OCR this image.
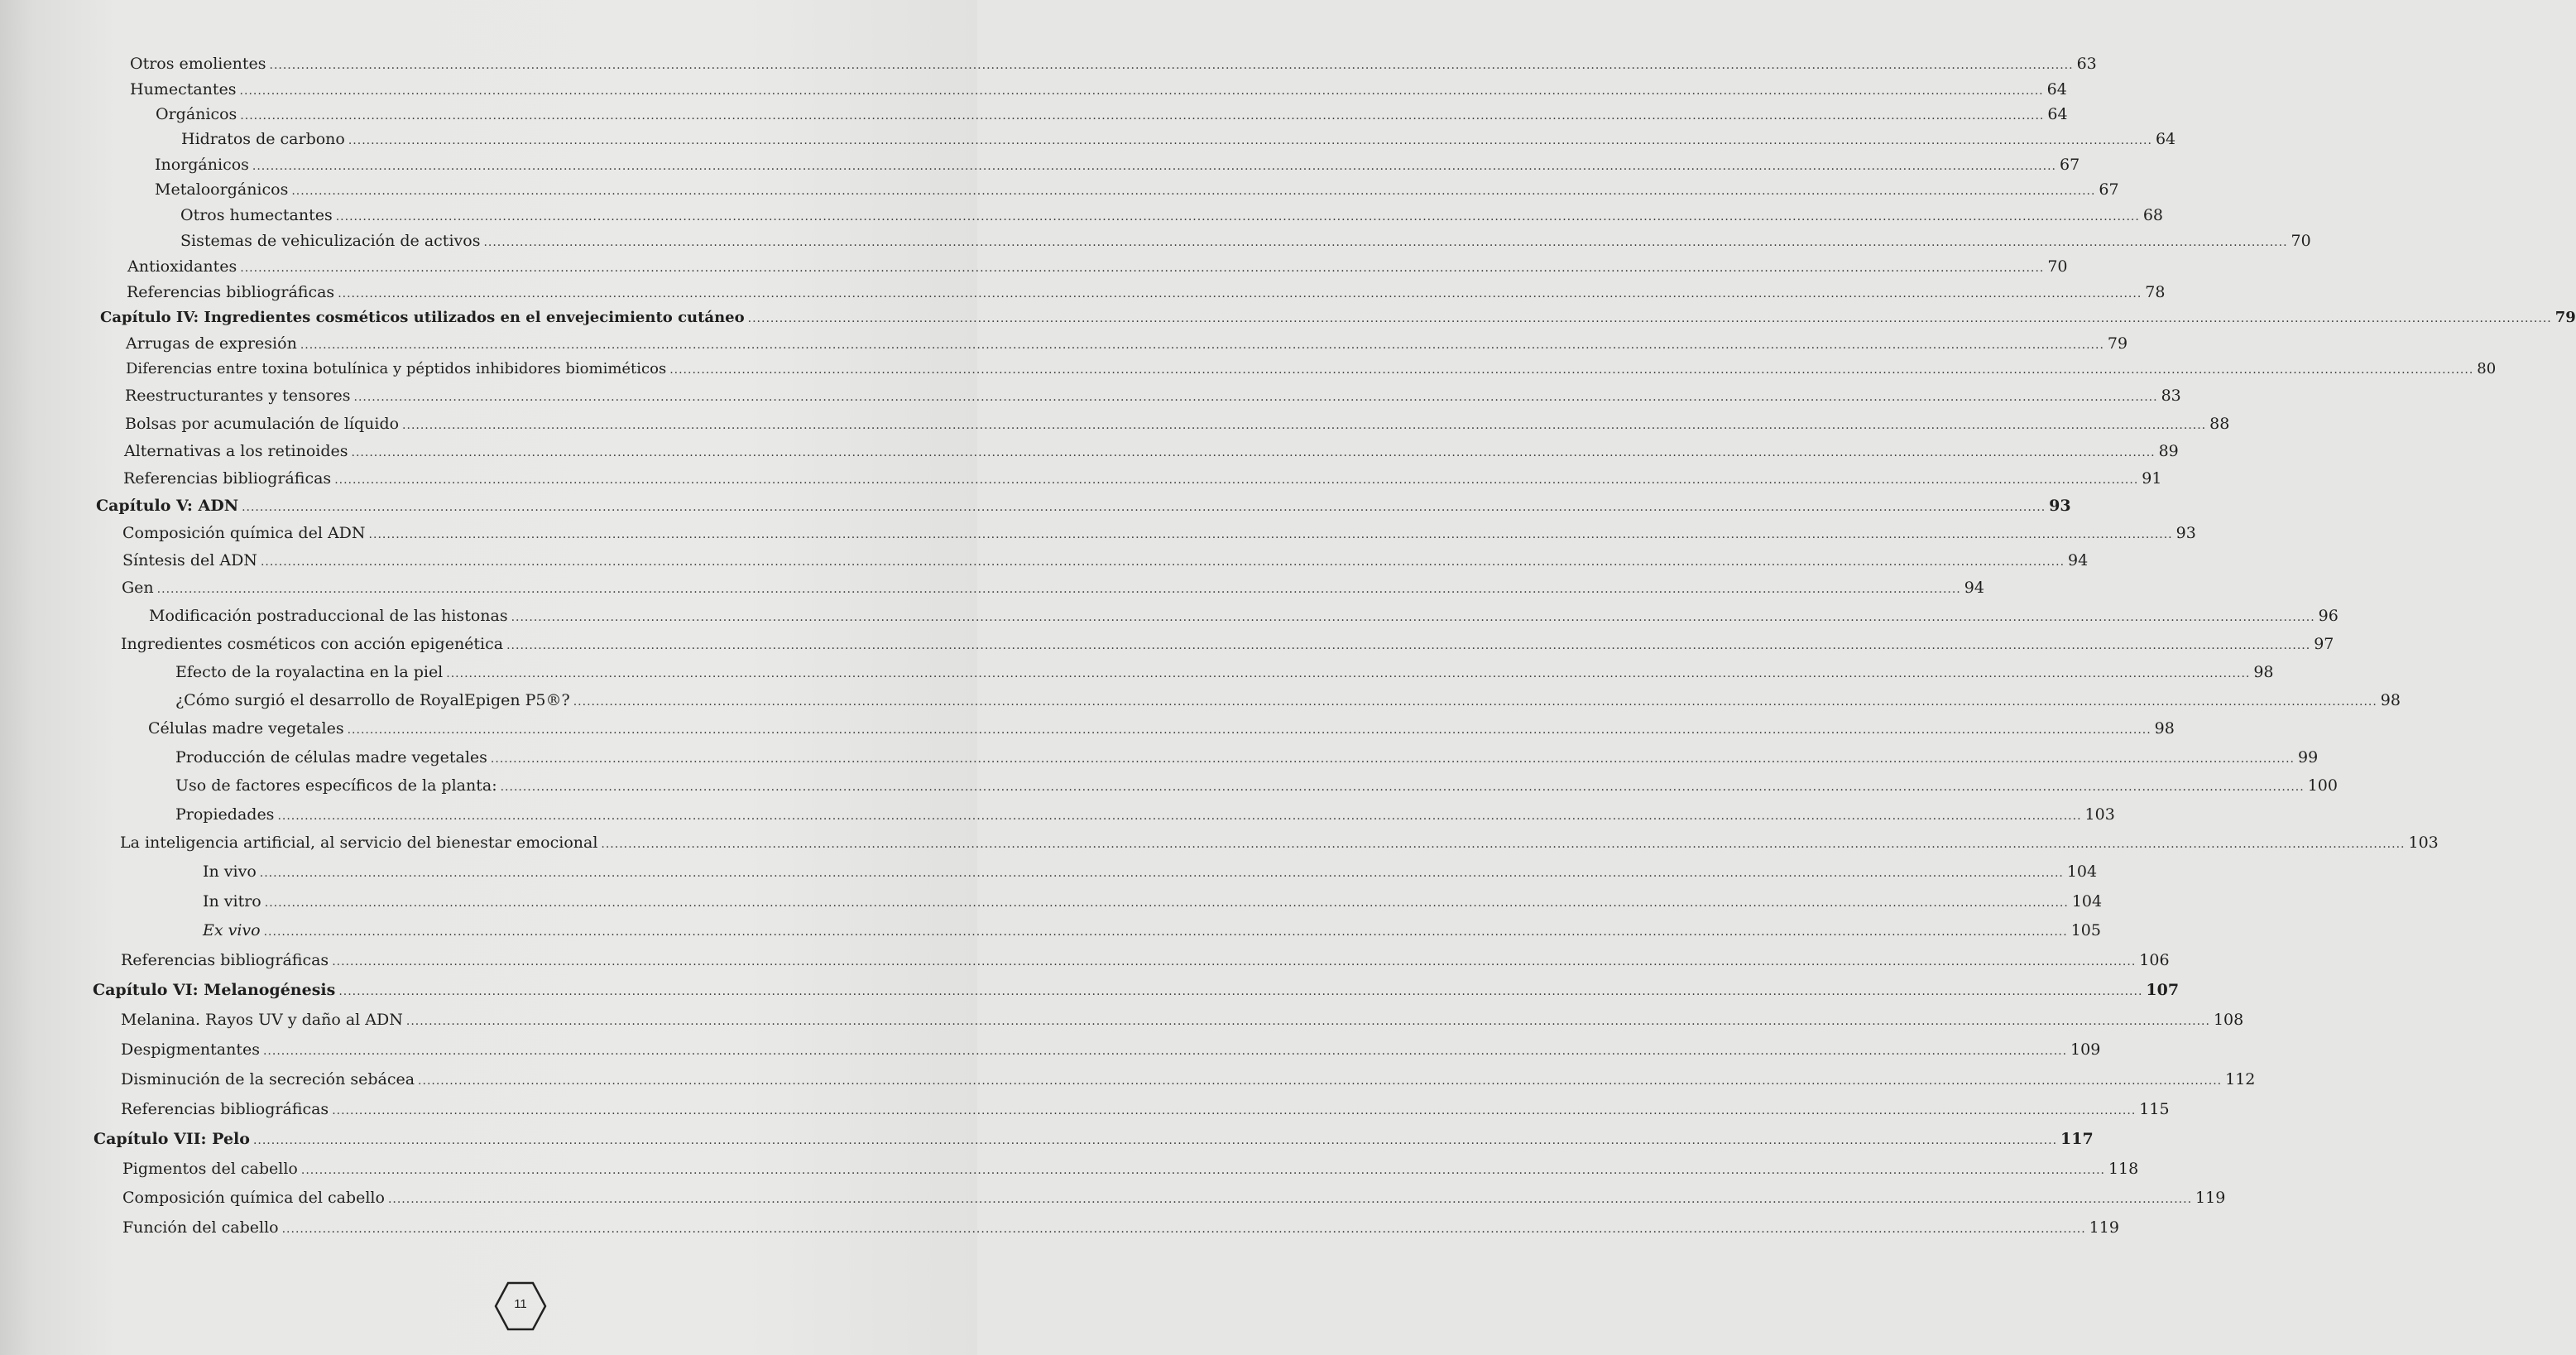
Otros emolientes ................................................................................................................................................................................................................................................................................................................................................................................................................ 63
Humectantes ................................................................................................................................................................................................................................................................................................................................................................................................................ 64
Orgánicos ................................................................................................................................................................................................................................................................................................................................................................................................................ 64
Hidratos de carbono ................................................................................................................................................................................................................................................................................................................................................................................................................ 64
Inorgánicos ................................................................................................................................................................................................................................................................................................................................................................................................................ 67
Metaloorgánicos ................................................................................................................................................................................................................................................................................................................................................................................................................ 67
Otros humectantes ................................................................................................................................................................................................................................................................................................................................................................................................................ 68
Sistemas de vehiculización de activos ................................................................................................................................................................................................................................................................................................................................................................................................................ 70
Antioxidantes ................................................................................................................................................................................................................................................................................................................................................................................................................ 70
Referencias bibliográficas ................................................................................................................................................................................................................................................................................................................................................................................................................ 78
Capítulo IV: Ingredientes cosméticos utilizados en el envejecimiento cutáneo ................................................................................................................................................................................................................................................................................................................................................................................................................ 79
Arrugas de expresión ................................................................................................................................................................................................................................................................................................................................................................................................................ 79
Diferencias entre toxina botulínica y péptidos inhibidores biomiméticos ................................................................................................................................................................................................................................................................................................................................................................................................................ 80
Reestructurantes y tensores ................................................................................................................................................................................................................................................................................................................................................................................................................ 83
Bolsas por acumulación de líquido ................................................................................................................................................................................................................................................................................................................................................................................................................ 88
Alternativas a los retinoides ................................................................................................................................................................................................................................................................................................................................................................................................................ 89
Referencias bibliográficas ................................................................................................................................................................................................................................................................................................................................................................................................................ 91
Capítulo V: ADN ................................................................................................................................................................................................................................................................................................................................................................................................................ 93
Composición química del ADN ................................................................................................................................................................................................................................................................................................................................................................................................................ 93
Síntesis del ADN ................................................................................................................................................................................................................................................................................................................................................................................................................ 94
Gen ................................................................................................................................................................................................................................................................................................................................................................................................................ 94
Modificación postraduccional de las histonas ................................................................................................................................................................................................................................................................................................................................................................................................................ 96
Ingredientes cosméticos con acción epigenética ................................................................................................................................................................................................................................................................................................................................................................................................................ 97
Efecto de la royalactina en la piel ................................................................................................................................................................................................................................................................................................................................................................................................................ 98
¿Cómo surgió el desarrollo de RoyalEpigen P5®? ................................................................................................................................................................................................................................................................................................................................................................................................................ 98
Células madre vegetales ................................................................................................................................................................................................................................................................................................................................................................................................................ 98
Producción de células madre vegetales ................................................................................................................................................................................................................................................................................................................................................................................................................ 99
Uso de factores específicos de la planta: ................................................................................................................................................................................................................................................................................................................................................................................................................ 100
Propiedades ................................................................................................................................................................................................................................................................................................................................................................................................................ 103
La inteligencia artificial, al servicio del bienestar emocional ................................................................................................................................................................................................................................................................................................................................................................................................................ 103
In vivo ................................................................................................................................................................................................................................................................................................................................................................................................................ 104
In vitro ................................................................................................................................................................................................................................................................................................................................................................................................................ 104
Ex vivo ................................................................................................................................................................................................................................................................................................................................................................................................................ 105
Referencias bibliográficas ................................................................................................................................................................................................................................................................................................................................................................................................................ 106
Capítulo VI: Melanogénesis ................................................................................................................................................................................................................................................................................................................................................................................................................ 107
Melanina. Rayos UV y daño al ADN ................................................................................................................................................................................................................................................................................................................................................................................................................ 108
Despigmentantes ................................................................................................................................................................................................................................................................................................................................................................................................................ 109
Disminución de la secreción sebácea ................................................................................................................................................................................................................................................................................................................................................................................................................ 112
Referencias bibliográficas ................................................................................................................................................................................................................................................................................................................................................................................................................ 115
Capítulo VII: Pelo ................................................................................................................................................................................................................................................................................................................................................................................................................ 117
Pigmentos del cabello ................................................................................................................................................................................................................................................................................................................................................................................................................ 118
Composición química del cabello ................................................................................................................................................................................................................................................................................................................................................................................................................ 119
Función del cabello ................................................................................................................................................................................................................................................................................................................................................................................................................ 119
11
